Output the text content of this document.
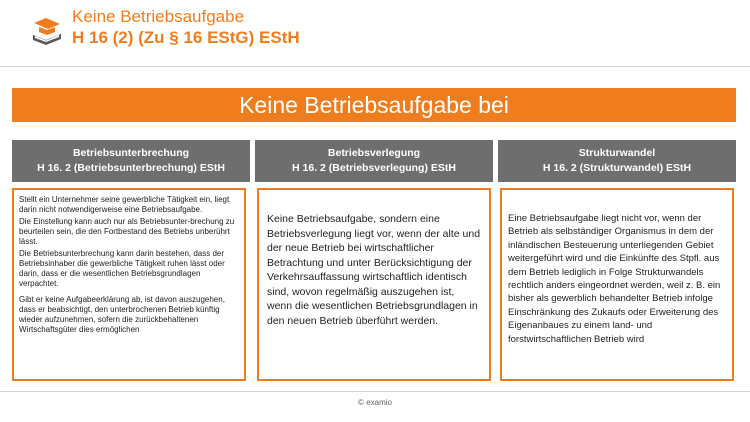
Keine Betriebsaufgabe
H 16 (2) (Zu § 16 EStG) EStH
Keine Betriebsaufgabe bei
Betriebsunterbrechung
H 16. 2 (Betriebsunterbrechung) EStH

Stellt ein Unternehmer seine gewerbliche Tätigkeit ein, liegt darin nicht notwendigerweise eine Betriebsaufgabe.

Die Einstellung kann auch nur als Betriebsunter-brechung zu beurteilen sein, die den Fortbestand des Betriebs unberührt lässt.

Die Betriebsunterbrechung kann darin bestehen, dass der Betriebsinhaber die gewerbliche Tätigkeit ruhen lässt oder darin, dass er die wesentlichen Betriebsgrundlagen verpachtet.

Gibt er keine Aufgabeerklärung ab, ist davon auszugehen, dass er beabsichtigt, den unterbrochenen Betrieb künftig wieder aufzunehmen, sofern die zurückbehaltenen Wirtschaftsgüter dies ermöglichen

Betriebsverlegung
H 16. 2 (Betriebsverlegung) EStH
Keine Betriebsaufgabe, sondern eine Betriebsverlegung liegt vor, wenn der alte und der neue Betrieb bei wirtschaftlicher Betrachtung und unter Berücksichtigung der Verkehrsauffassung wirtschaftlich identisch sind, wovon regelmäßig auszugehen ist, wenn die wesentlichen Betriebsgrundlagen in den neuen Betrieb überführt werden.
Strukturwandel
H 16. 2 (Strukturwandel) EStH
Eine Betriebsaufgabe liegt nicht vor, wenn der Betrieb als selbständiger Organismus in dem der inländischen Besteuerung unterliegenden Gebiet weitergeführt wird und die Einkünfte des Stpfl. aus dem Betrieb lediglich in Folge Strukturwandels rechtlich anders eingeordnet werden, weil z. B. ein bisher als gewerblich behandelter Betrieb infolge Einschränkung des Zukaufs oder Erweiterung des Eigenanbaues zu einem land- und forstwirtschaftlichen Betrieb wird
© examio
